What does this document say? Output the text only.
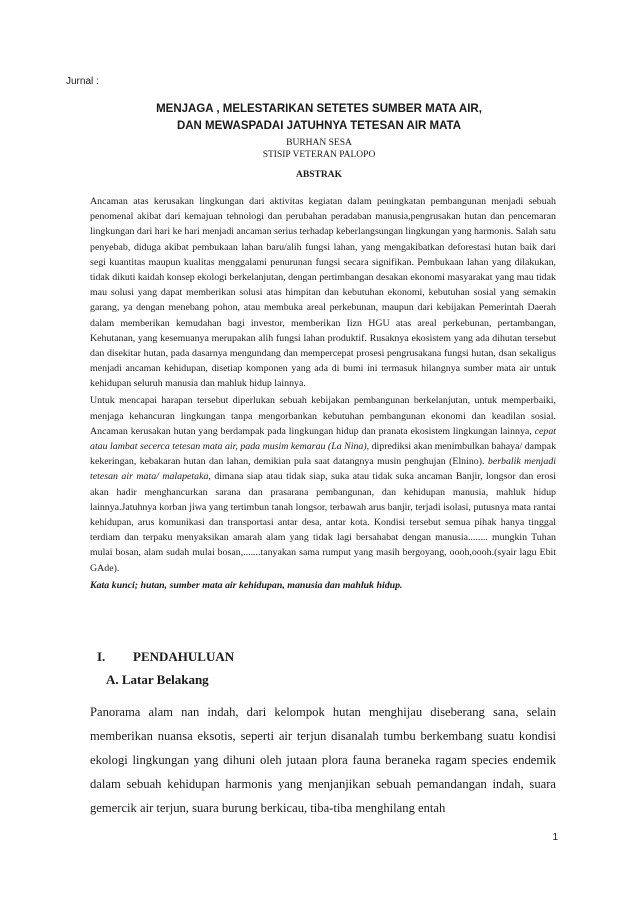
Jurnal :
MENJAGA , MELESTARIKAN SETETES SUMBER MATA AIR,
DAN MEWASPADAI JATUHNYA TETESAN AIR MATA
BURHAN SESA
STISIP VETERAN PALOPO
ABSTRAK

Ancaman atas kerusakan lingkungan dari aktivitas kegiatan dalam peningkatan pembangunan menjadi sebuah penomenal akibat dari kemajuan tehnologi dan perubahan peradaban manusia,pengrusakan hutan dan pencemaran lingkungan dari hari ke hari menjadi ancaman serius terhadap keberlangsungan lingkungan yang harmonis. Salah satu penyebab, diduga akibat pembukaan lahan baru/alih fungsi lahan, yang mengakibatkan deforestasi hutan baik dari segi kuantitas maupun kualitas menggalami penurunan fungsi secara signifikan. Pembukaan lahan yang dilakukan, tidak dikuti kaidah konsep ekologi berkelanjutan, dengan pertimbangan desakan ekonomi masyarakat yang mau tidak mau solusi yang dapat memberikan solusi atas himpitan dan kebutuhan ekonomi, kebutuhan sosial yang semakin garang, ya dengan menebang pohon, atau membuka areal perkebunan, maupun dari kebijakan Pemerintah Daerah dalam memberikan kemudahan bagi investor, memberikan Iizn HGU atas areal perkebunan, pertambangan, Kehutanan, yang kesemuanya merupakan alih fungsi lahan produktif. Rusaknya ekosistem yang ada dihutan tersebut dan disekitar hutan, pada dasarnya mengundang dan mempercepat prosesi pengrusakana fungsi hutan, dsan sekaligus menjadi ancaman kehidupan, disetiap komponen yang ada di bumi ini termasuk hilangnya sumber mata air untuk kehidupan seluruh manusia dan mahluk hidup lainnya.

Untuk mencapai harapan tersebut diperlukan sebuah kebijakan pembangunan berkelanjutan, untuk memperbaiki, menjaga kehancuran lingkungan tanpa mengorbankan kebutuhan pembangunan ekonomi dan keadilan sosial. Ancaman kerusakan hutan yang berdampak pada lingkungan hidup dan pranata ekosistem lingkungan lainnya, cepat atau lambat secerca tetesan mata air, pada musim kemarau (La Nina), diprediksi akan menimbulkan bahaya/ dampak kekeringan, kebakaran hutan dan lahan, demikian pula saat datangnya musin penghujan (Elnino). berbalik menjadi tetesan air mata/ malapetaka, dimana siap atau tidak siap, suka atau tidak suka ancaman Banjir, longsor dan erosi akan hadir menghancurkan sarana dan prasarana pembangunan, dan kehidupan manusia, mahluk hidup lainnya.Jatuhnya korban jiwa yang tertimbun tanah longsor, terbawah arus banjir, terjadi isolasi, putusnya mata rantai kehidupan, arus komunikasi dan transportasi antar desa, antar kota. Kondisi tersebut semua pihak hanya tinggal terdiam dan terpaku menyaksikan amarah alam yang tidak lagi bersahabat dengan manusia........ mungkin Tuhan mulai bosan, alam sudah mulai bosan,.......tanyakan sama rumput yang masih bergoyang, oooh,oooh.(syair lagu Ebit GAde).

Kata kunci; hutan, sumber mata air kehidupan, manusia dan mahluk hidup.

I. PENDAHULUAN
A. Latar Belakang

Panorama alam nan indah, dari kelompok hutan menghijau diseberang sana, selain memberikan nuansa eksotis, seperti air terjun disanalah tumbu berkembang suatu kondisi ekologi lingkungan yang dihuni oleh jutaan plora fauna beraneka ragam species endemik dalam sebuah kehidupan harmonis yang menjanjikan sebuah pemandangan indah, suara gemercik air terjun, suara burung berkicau, tiba-tiba menghilang entah

1
